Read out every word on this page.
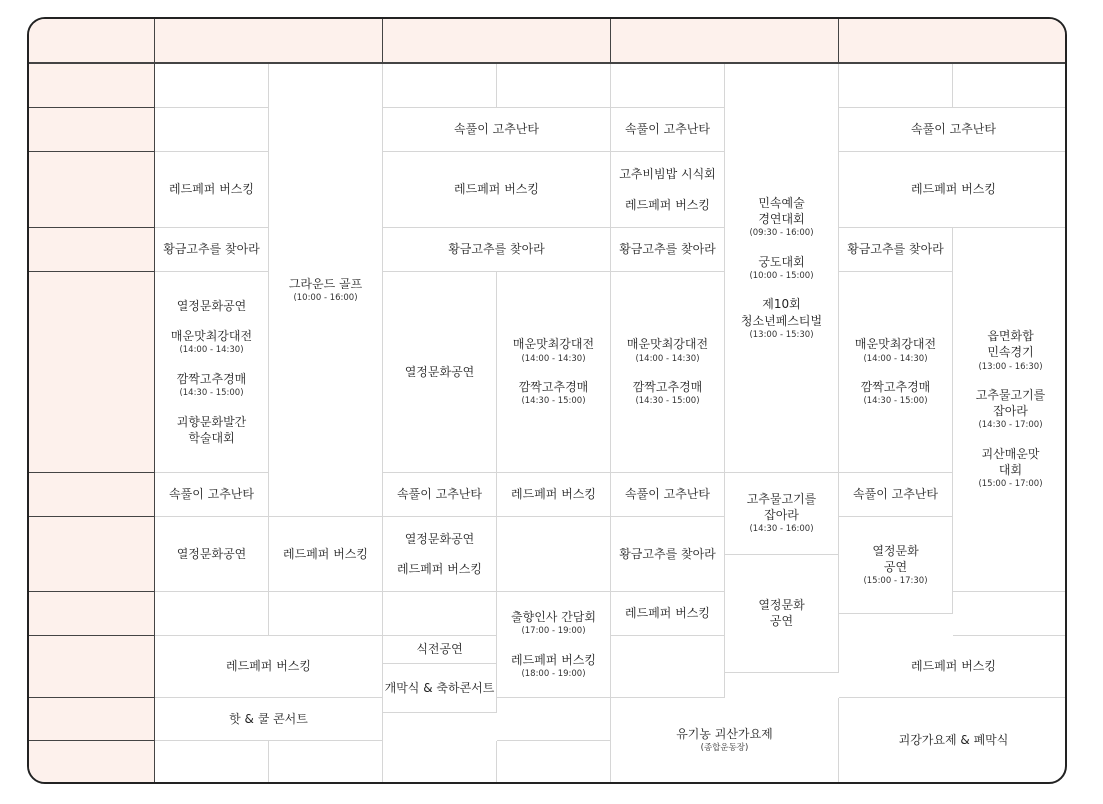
레드페퍼 버스킹
그라운드 골프
(10:00 - 16:00)
황금고추를 찾아라
열정문화공연
매운맛최강대전
(14:00 - 14:30)
깜짝고추경매
(14:30 - 15:00)
괴향문화발간
학술대회
속풀이 고추난타
열정문화공연	레드페퍼 버스킹
레드페퍼 버스킹
핫 & 쿨 콘서트
속풀이 고추난타
레드페퍼 버스킹
황금고추를 찾아라
열정문화공연
매운맛최강대전
(14:00 - 14:30)
깜짝고추경매
(14:30 - 15:00)
속풀이 고추난타 레드페퍼 버스킹
열정문화공연
레드페퍼 버스킹
출향인사 간담회
(17:00 - 19:00)
레드페퍼 버스킹
(18:00 - 19:00)
식전공연
개막식 & 축하콘서트
속풀이 고추난타
고추비빔밥 시식회
레드페퍼 버스킹
황금고추를 찾아라
매운맛최강대전
(14:00 - 14:30)
깜짝고추경매
(14:30 - 15:00)
속풀이 고추난타
황금고추를 찾아라
레드페퍼 버스킹
유기농 괴산가요제
(종합운동장)
민속예술
경연대회
(09:30 - 16:00)
궁도대회
(10:00 - 15:00)
제10회
청소년페스티벌
(13:00 - 15:30)
고추물고기를
잡아라
(14:30 - 16:00)
열정문화
공연
속풀이 고추난타
레드페퍼 버스킹
황금고추를 찾아라
매운맛최강대전
(14:00 - 14:30)
깜짝고추경매
(14:30 - 15:00)
속풀이 고추난타
열정문화
공연
(15:00 - 17:30)
읍면화합
민속경기
(13:00 - 16:30)
고추물고기를
잡아라
(14:30 - 17:00)
괴산매운맛
대회
(15:00 - 17:00)
레드페퍼 버스킹
괴강가요제 & 폐막식
